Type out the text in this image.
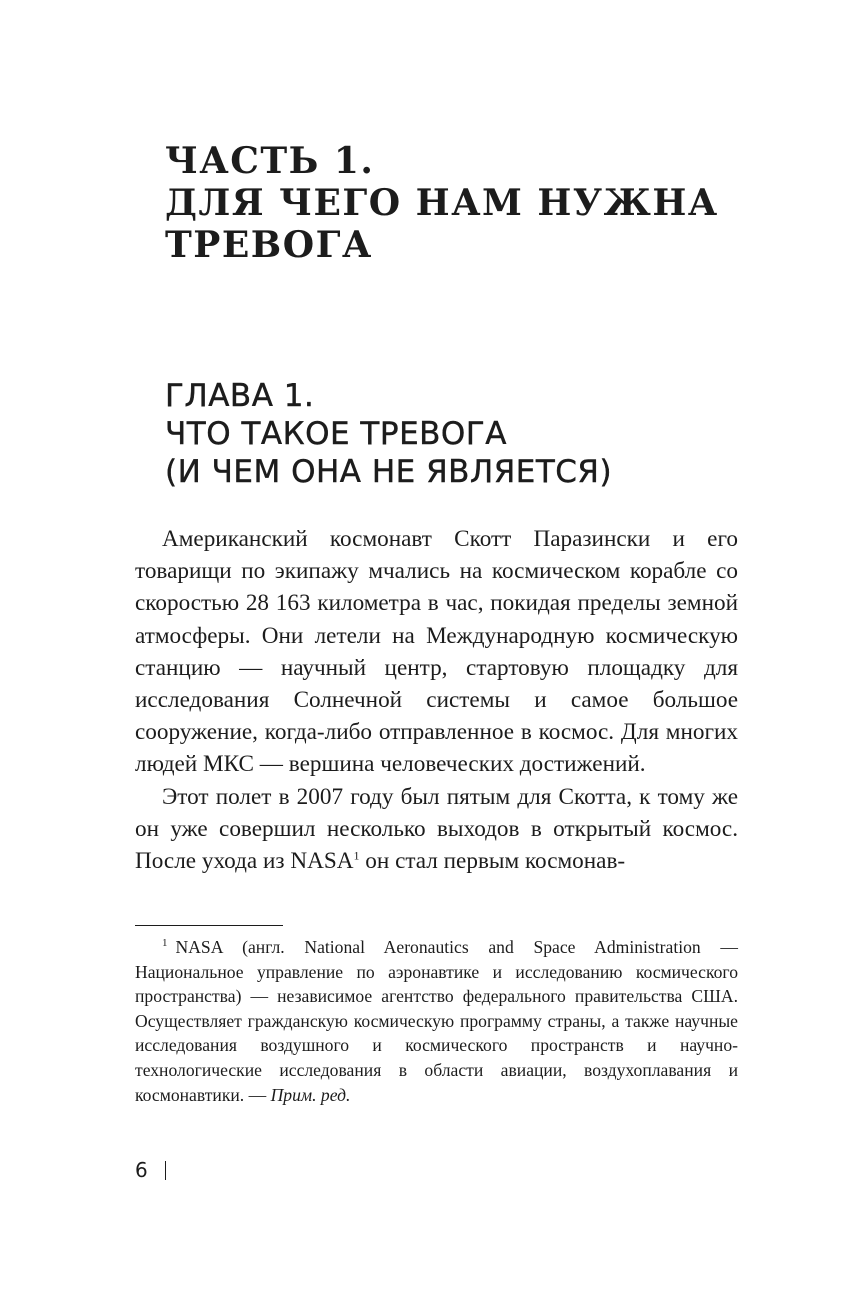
ЧАСТЬ 1.
ДЛЯ ЧЕГО НАМ НУЖНА
ТРЕВОГА
ГЛАВА 1.
ЧТО ТАКОЕ ТРЕВОГА
(И ЧЕМ ОНА НЕ ЯВЛЯЕТСЯ)

Американский космонавт Скотт Паразински и его товарищи по экипажу мчались на космическом корабле со скоростью 28 163 километра в час, покидая пределы земной атмосферы. Они летели на Международную космическую станцию — научный центр, стартовую площадку для исследования Солнечной системы и самое большое сооружение, когда-либо отправленное в космос. Для многих людей МКС — вершина человеческих достижений.

Этот полет в 2007 году был пятым для Скотта, к тому же он уже совершил несколько выходов в открытый космос. После ухода из NASA$^1$ он стал первым космонав-

$^1$ NASA (англ. National Aeronautics and Space Administration — Национальное управление по аэронавтике и исследованию космического пространства) — независимое агентство федерального правительства США. Осуществляет гражданскую космическую программу страны, а также научные исследования воздушного и космического пространств и научно-технологические исследования в области авиации, воздухоплавания и космонавтики. — Прим. ред.

6
